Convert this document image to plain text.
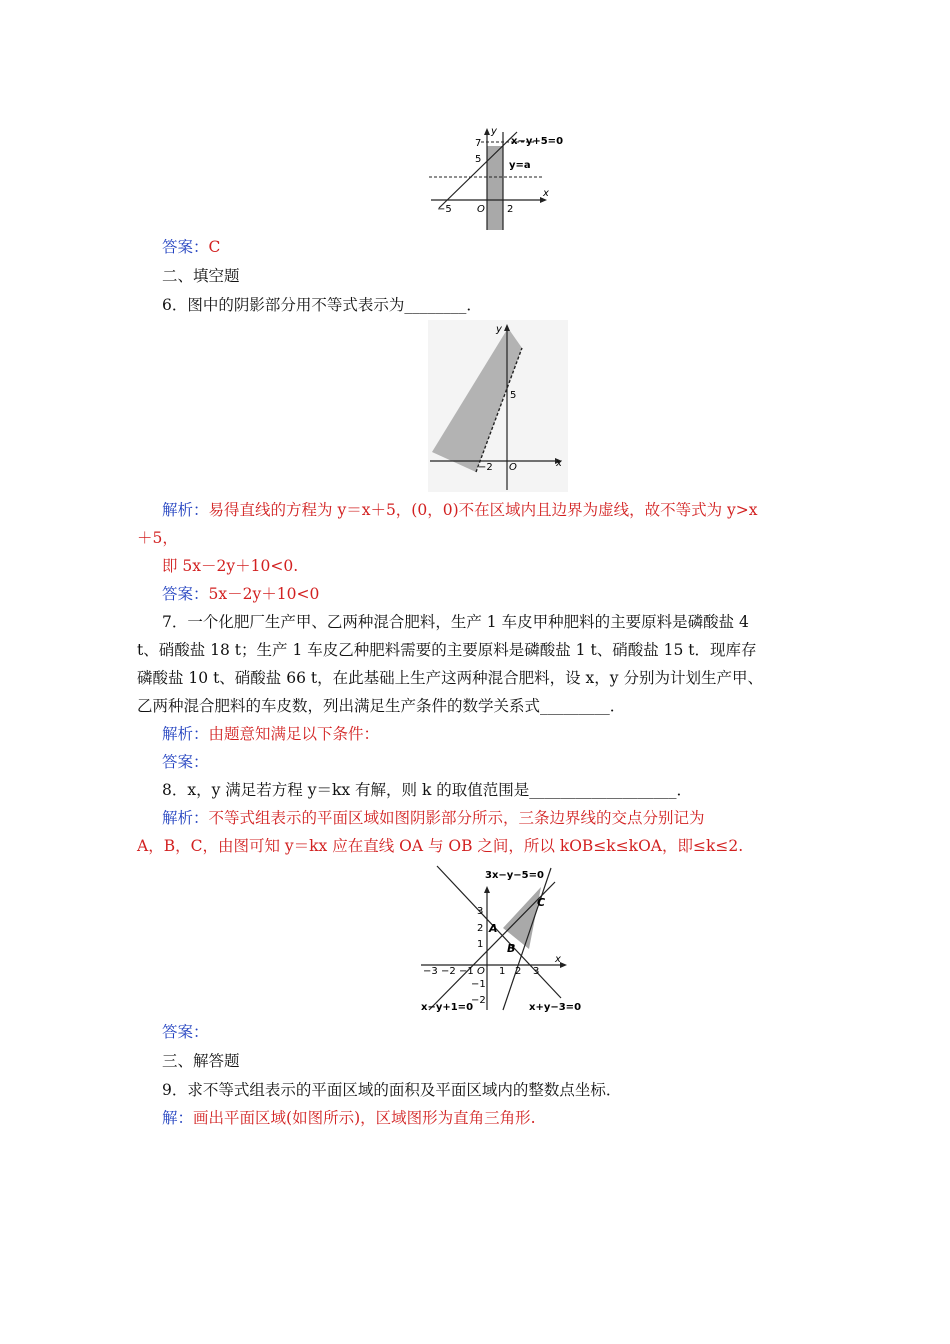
y
x
7
5
x−y+5=0
y=a
−5	O 2
答案：C
二、填空题
6．图中的阴影部分用不等式表示为________．
y
x
5
−2 O
解析：易得直线的方程为 y＝x＋5，(0，0)不在区域内且边界为虚线，故不等式为 y>x
＋5，
即 5x－2y＋10<0.
答案：5x－2y＋10<0
7．一个化肥厂生产甲、乙两种混合肥料，生产 1 车皮甲种肥料的主要原料是磷酸盐 4
t、硝酸盐 18 t；生产 1 车皮乙种肥料需要的主要原料是磷酸盐 1 t、硝酸盐 15 t．现库存
磷酸盐 10 t、硝酸盐 66 t，在此基础上生产这两种混合肥料，设 x，y 分别为计划生产甲、
乙两种混合肥料的车皮数，列出满足生产条件的数学关系式_________．
解析：由题意知满足以下条件：
答案：
8．x，y 满足若方程 y＝kx 有解，则 k 的取值范围是___________________．
解析：不等式组表示的平面区域如图阴影部分所示，三条边界线的交点分别记为
A，B，C，由图可知 y＝kx 应在直线 OA 与 OB 之间，所以 kOB≤k≤kOA，即≤k≤2.
3x−y−5=0
C
A
B
3
2
1
−1
−2
−3 −2 −1 O 1 2 3
x
x−y+1=0	x+y−3=0
答案：
三、解答题
9．求不等式组表示的平面区域的面积及平面区域内的整数点坐标．
解：画出平面区域(如图所示)，区域图形为直角三角形.
